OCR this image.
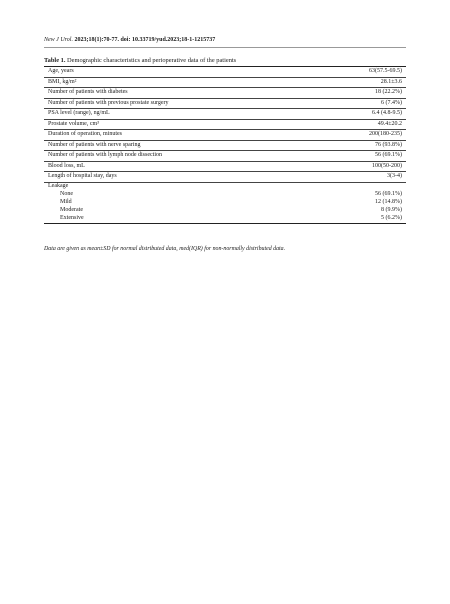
New J Urol. 2023;18(1):70-77. doi: 10.33719/yud.2023;18-1-1215737
Table 1. Demographic characteristics and perioperative data of the patients
Age, years	63(57.5-69.5)
BMI, kg/m²	28.1±3.6
Number of patients with diabetes	18 (22.2%)
Number of patients with previous prostate surgery	6 (7.4%)
PSA level (range), ng/mL	6.4 (4.8-9.5)
Prostate volume, cm³	49.4±20.2
Duration of operation, minutes	200(180-235)
Number of patients with nerve sparing	76 (93.8%)
Number of patients with lymph node dissection	56 (69.1%)
Blood loss, mL	100(50-200)
Length of hospital stay, days	3(3-4)
Leakage	
None	56 (69.1%)
Mild	12 (14.8%)
Moderate	8 (9.9%)
Extensive	5 (6.2%)
Data are given as mean±SD for normal distributed data, med(IQR) for non-normally distributed data.
